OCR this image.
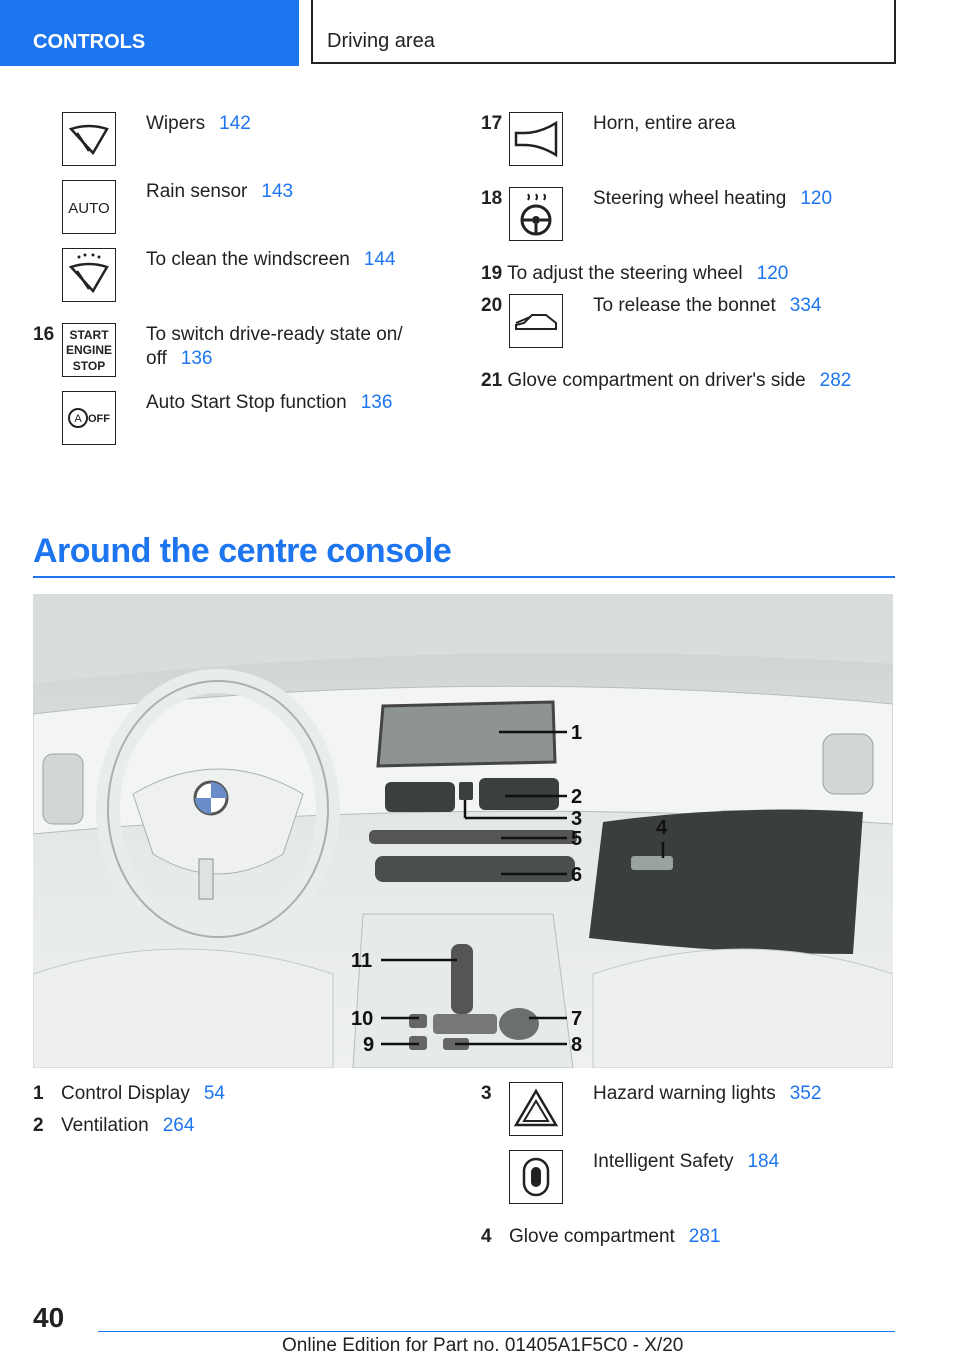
CONTROLS	Driving area
Wipers 142
AUTO
Rain sensor 143
To clean the windscreen 144
16 START
ENGINE
STOP
To switch drive-ready state on/
off 136
A OFF
Auto Start Stop function 136
17	Horn, entire area
18	Steering wheel heating 120
19 To adjust the steering wheel 120
20	To release the bonnet 334
21 Glove compartment on driver's side 282
Around the centre console
1
2
3	4
5
6
7
8
9
10
11
1 Control Display 54
2 Ventilation 264
3	Hazard warning lights 352
Intelligent Safety 184
4 Glove compartment 281
40
Online Edition for Part no. 01405A1F5C0 - X/20
